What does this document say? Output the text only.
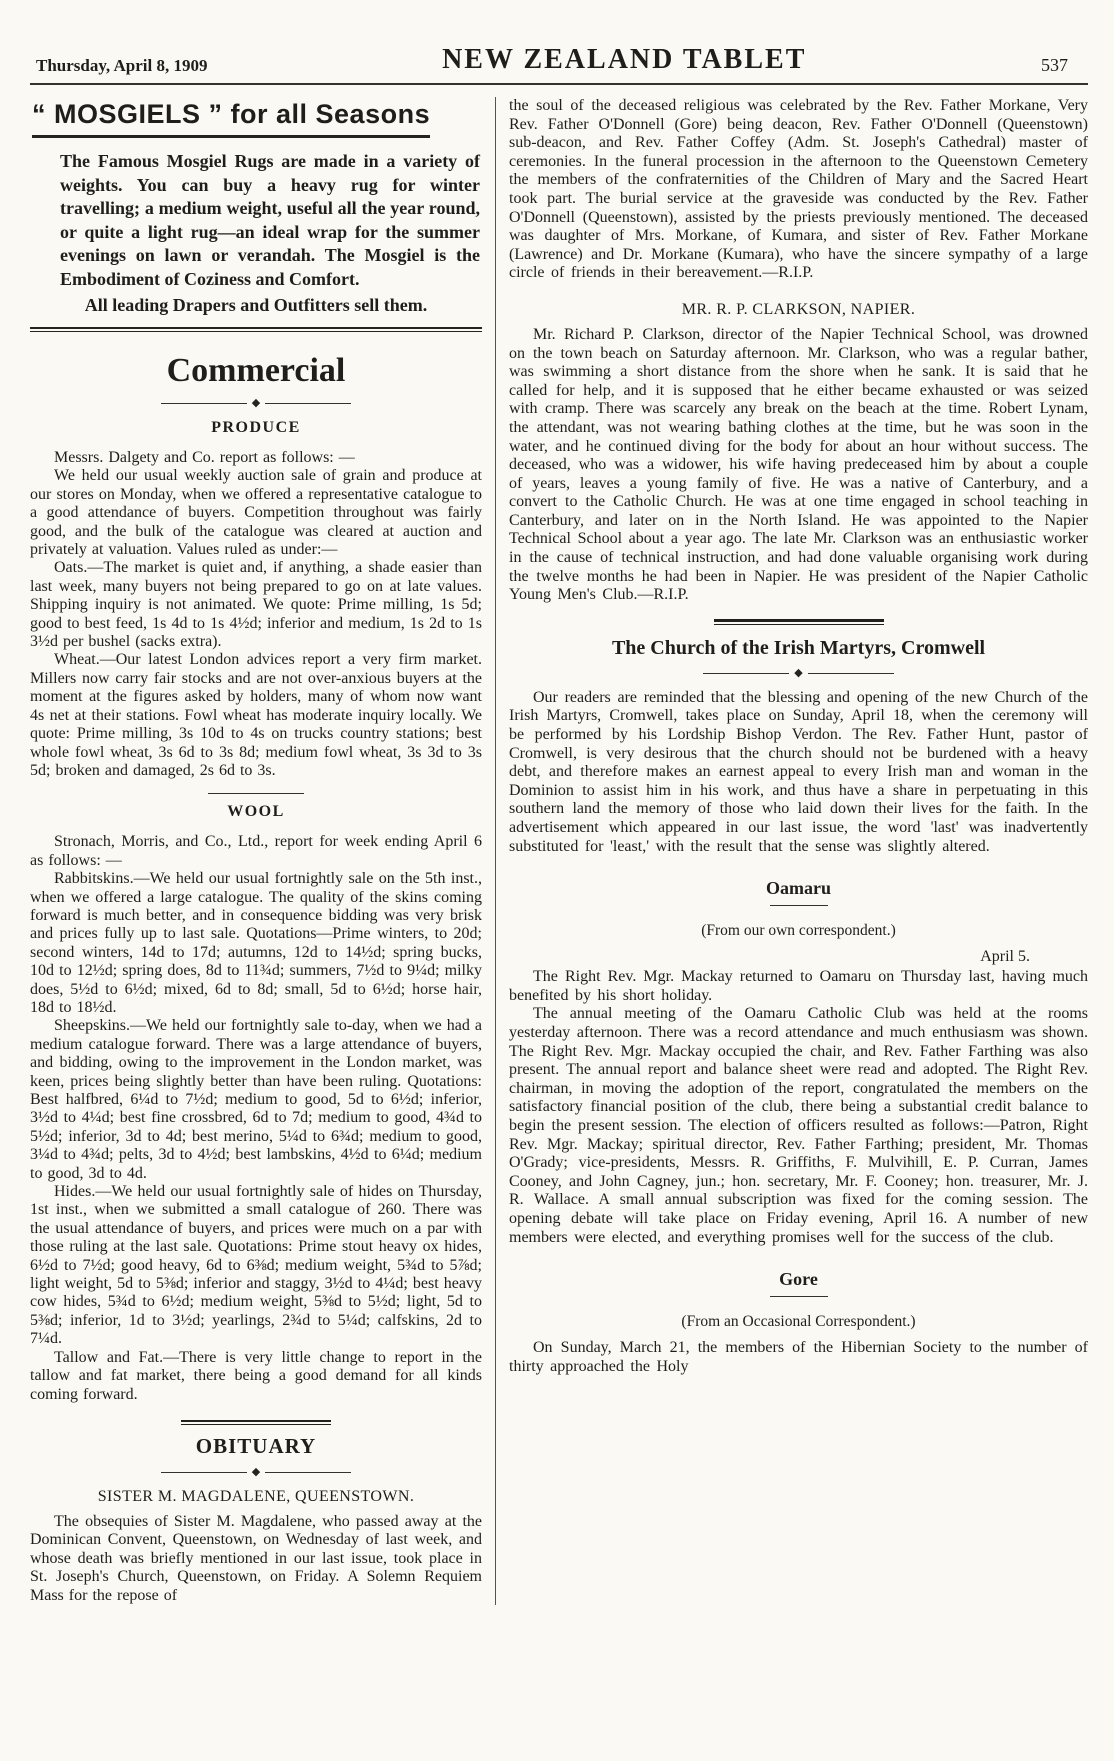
Thursday, April 8, 1909	NEW ZEALAND TABLET	537
“ MOSGIELS ” for all Seasons

The Famous Mosgiel Rugs are made in a variety of weights. You can buy a heavy rug for winter travelling; a medium weight, useful all the year round, or quite a light rug—an ideal wrap for the summer evenings on lawn or verandah. The Mosgiel is the Embodiment of Coziness and Comfort.

All leading Drapers and Outfitters sell them.

Commercial
◆
PRODUCE

Messrs. Dalgety and Co. report as follows: —

We held our usual weekly auction sale of grain and produce at our stores on Monday, when we offered a representative catalogue to a good attendance of buyers. Competition throughout was fairly good, and the bulk of the catalogue was cleared at auction and privately at valuation. Values ruled as under:—

Oats.—The market is quiet and, if anything, a shade easier than last week, many buyers not being prepared to go on at late values. Shipping inquiry is not animated. We quote: Prime milling, 1s 5d; good to best feed, 1s 4d to 1s 4½d; inferior and medium, 1s 2d to 1s 3½d per bushel (sacks extra).

Wheat.—Our latest London advices report a very firm market. Millers now carry fair stocks and are not over-anxious buyers at the moment at the figures asked by holders, many of whom now want 4s net at their stations. Fowl wheat has moderate inquiry locally. We quote: Prime milling, 3s 10d to 4s on trucks country stations; best whole fowl wheat, 3s 6d to 3s 8d; medium fowl wheat, 3s 3d to 3s 5d; broken and damaged, 2s 6d to 3s.

WOOL

Stronach, Morris, and Co., Ltd., report for week ending April 6 as follows: —

Rabbitskins.—We held our usual fortnightly sale on the 5th inst., when we offered a large catalogue. The quality of the skins coming forward is much better, and in consequence bidding was very brisk and prices fully up to last sale. Quotations—Prime winters, to 20d; second winters, 14d to 17d; autumns, 12d to 14½d; spring bucks, 10d to 12½d; spring does, 8d to 11¾d; summers, 7½d to 9¼d; milky does, 5½d to 6½d; mixed, 6d to 8d; small, 5d to 6½d; horse hair, 18d to 18½d.

Sheepskins.—We held our fortnightly sale to-day, when we had a medium catalogue forward. There was a large attendance of buyers, and bidding, owing to the improvement in the London market, was keen, prices being slightly better than have been ruling. Quotations: Best halfbred, 6¼d to 7½d; medium to good, 5d to 6½d; inferior, 3½d to 4¼d; best fine crossbred, 6d to 7d; medium to good, 4¾d to 5½d; inferior, 3d to 4d; best merino, 5¼d to 6¾d; medium to good, 3¼d to 4¾d; pelts, 3d to 4½d; best lambskins, 4½d to 6¼d; medium to good, 3d to 4d.

Hides.—We held our usual fortnightly sale of hides on Thursday, 1st inst., when we submitted a small catalogue of 260. There was the usual attendance of buyers, and prices were much on a par with those ruling at the last sale. Quotations: Prime stout heavy ox hides, 6½d to 7½d; good heavy, 6d to 6⅜d; medium weight, 5¾d to 5⅞d; light weight, 5d to 5⅜d; inferior and staggy, 3½d to 4¼d; best heavy cow hides, 5¾d to 6½d; medium weight, 5⅜d to 5½d; light, 5d to 5⅜d; inferior, 1d to 3½d; yearlings, 2¾d to 5¼d; calfskins, 2d to 7¼d.

Tallow and Fat.—There is very little change to report in the tallow and fat market, there being a good demand for all kinds coming forward.

OBITUARY
◆
SISTER M. MAGDALENE, QUEENSTOWN.

The obsequies of Sister M. Magdalene, who passed away at the Dominican Convent, Queenstown, on Wednesday of last week, and whose death was briefly mentioned in our last issue, took place in St. Joseph's Church, Queenstown, on Friday. A Solemn Requiem Mass for the repose of

the soul of the deceased religious was celebrated by the Rev. Father Morkane, Very Rev. Father O'Donnell (Gore) being deacon, Rev. Father O'Donnell (Queenstown) sub-deacon, and Rev. Father Coffey (Adm. St. Joseph's Cathedral) master of ceremonies. In the funeral procession in the afternoon to the Queenstown Cemetery the members of the confraternities of the Children of Mary and the Sacred Heart took part. The burial service at the graveside was conducted by the Rev. Father O'Donnell (Queenstown), assisted by the priests previously mentioned. The deceased was daughter of Mrs. Morkane, of Kumara, and sister of Rev. Father Morkane (Lawrence) and Dr. Morkane (Kumara), who have the sincere sympathy of a large circle of friends in their bereavement.—R.I.P.

MR. R. P. CLARKSON, NAPIER.

Mr. Richard P. Clarkson, director of the Napier Technical School, was drowned on the town beach on Saturday afternoon. Mr. Clarkson, who was a regular bather, was swimming a short distance from the shore when he sank. It is said that he called for help, and it is supposed that he either became exhausted or was seized with cramp. There was scarcely any break on the beach at the time. Robert Lynam, the attendant, was not wearing bathing clothes at the time, but he was soon in the water, and he continued diving for the body for about an hour without success. The deceased, who was a widower, his wife having predeceased him by about a couple of years, leaves a young family of five. He was a native of Canterbury, and a convert to the Catholic Church. He was at one time engaged in school teaching in Canterbury, and later on in the North Island. He was appointed to the Napier Technical School about a year ago. The late Mr. Clarkson was an enthusiastic worker in the cause of technical instruction, and had done valuable organising work during the twelve months he had been in Napier. He was president of the Napier Catholic Young Men's Club.—R.I.P.

The Church of the Irish Martyrs, Cromwell
◆

Our readers are reminded that the blessing and opening of the new Church of the Irish Martyrs, Cromwell, takes place on Sunday, April 18, when the ceremony will be performed by his Lordship Bishop Verdon. The Rev. Father Hunt, pastor of Cromwell, is very desirous that the church should not be burdened with a heavy debt, and therefore makes an earnest appeal to every Irish man and woman in the Dominion to assist him in his work, and thus have a share in perpetuating in this southern land the memory of those who laid down their lives for the faith. In the advertisement which appeared in our last issue, the word 'last' was inadvertently substituted for 'least,' with the result that the sense was slightly altered.

Oamaru
(From our own correspondent.)
April 5.

The Right Rev. Mgr. Mackay returned to Oamaru on Thursday last, having much benefited by his short holiday.

The annual meeting of the Oamaru Catholic Club was held at the rooms yesterday afternoon. There was a record attendance and much enthusiasm was shown. The Right Rev. Mgr. Mackay occupied the chair, and Rev. Father Farthing was also present. The annual report and balance sheet were read and adopted. The Right Rev. chairman, in moving the adoption of the report, congratulated the members on the satisfactory financial position of the club, there being a substantial credit balance to begin the present session. The election of officers resulted as follows:—Patron, Right Rev. Mgr. Mackay; spiritual director, Rev. Father Farthing; president, Mr. Thomas O'Grady; vice-presidents, Messrs. R. Griffiths, F. Mulvihill, E. P. Curran, James Cooney, and John Cagney, jun.; hon. secretary, Mr. F. Cooney; hon. treasurer, Mr. J. R. Wallace. A small annual subscription was fixed for the coming session. The opening debate will take place on Friday evening, April 16. A number of new members were elected, and everything promises well for the success of the club.

Gore
(From an Occasional Correspondent.)

On Sunday, March 21, the members of the Hibernian Society to the number of thirty approached the Holy
